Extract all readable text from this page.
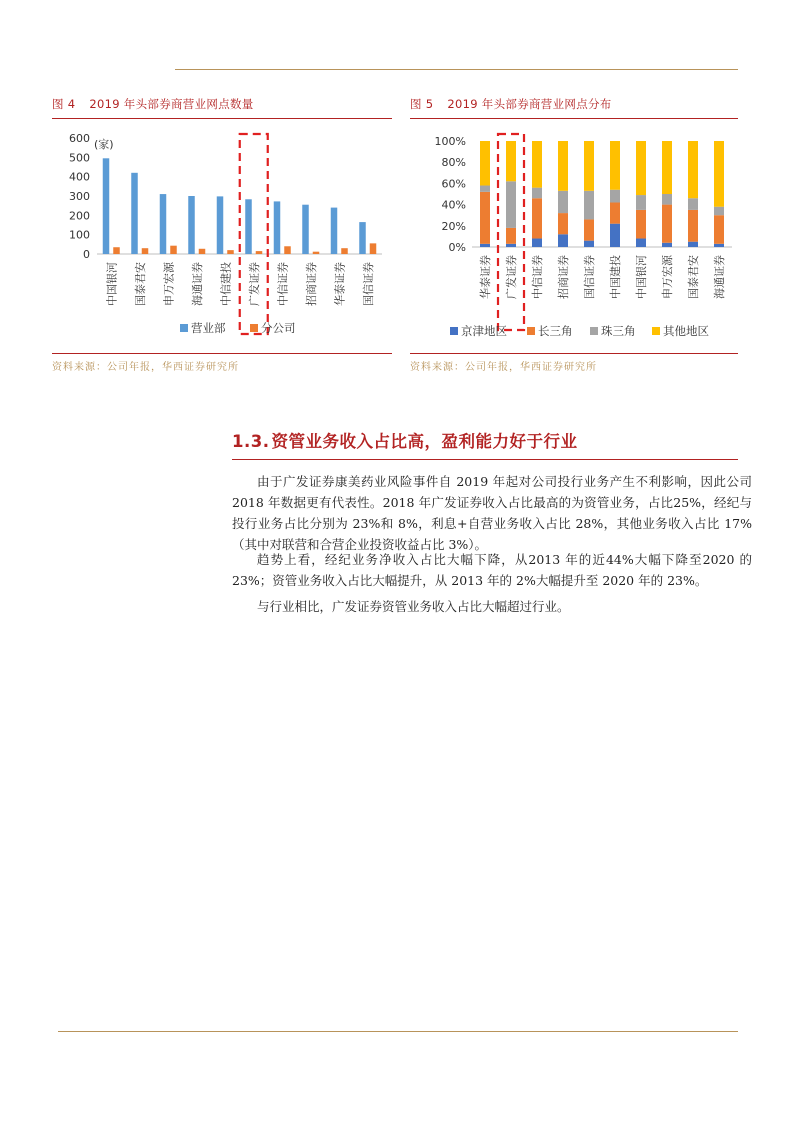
图 4 2019 年头部券商营业网点数量
0
100
200
300
400
500
600 (家)
中国银河 国泰君安 申万宏源 海通证券 中信建投 广发证券 中信证券 招商证券 华泰证券 国信证券
营业部	分公司
资料来源：公司年报，华西证券研究所
图 5 2019 年头部券商营业网点分布
0%
20%
40%
60%
80%
100%
华泰证券 广发证券 中信证券 招商证券 国信证券 中国建投 中国银河 申万宏源 国泰君安 海通证券
京津地区	长三角 珠三角 其他地区
资料来源：公司年报，华西证券研究所
1.3. 资管业务收入占比高，盈利能力好于行业

由于广发证券康美药业风险事件自 2019 年起对公司投行业务产生不利影响，因此公司2018 年数据更有代表性。2018 年广发证券收入占比最高的为资管业务，占比25%，经纪与投行业务占比分别为 23%和 8%，利息+自营业务收入占比 28%，其他业务收入占比 17%（其中对联营和合营企业投资收益占比 3%）。

趋势上看，经纪业务净收入占比大幅下降，从2013 年的近44%大幅下降至2020 的 23%；资管业务收入占比大幅提升，从 2013 年的 2%大幅提升至 2020 年的 23%。

与行业相比，广发证券资管业务收入占比大幅超过行业。
